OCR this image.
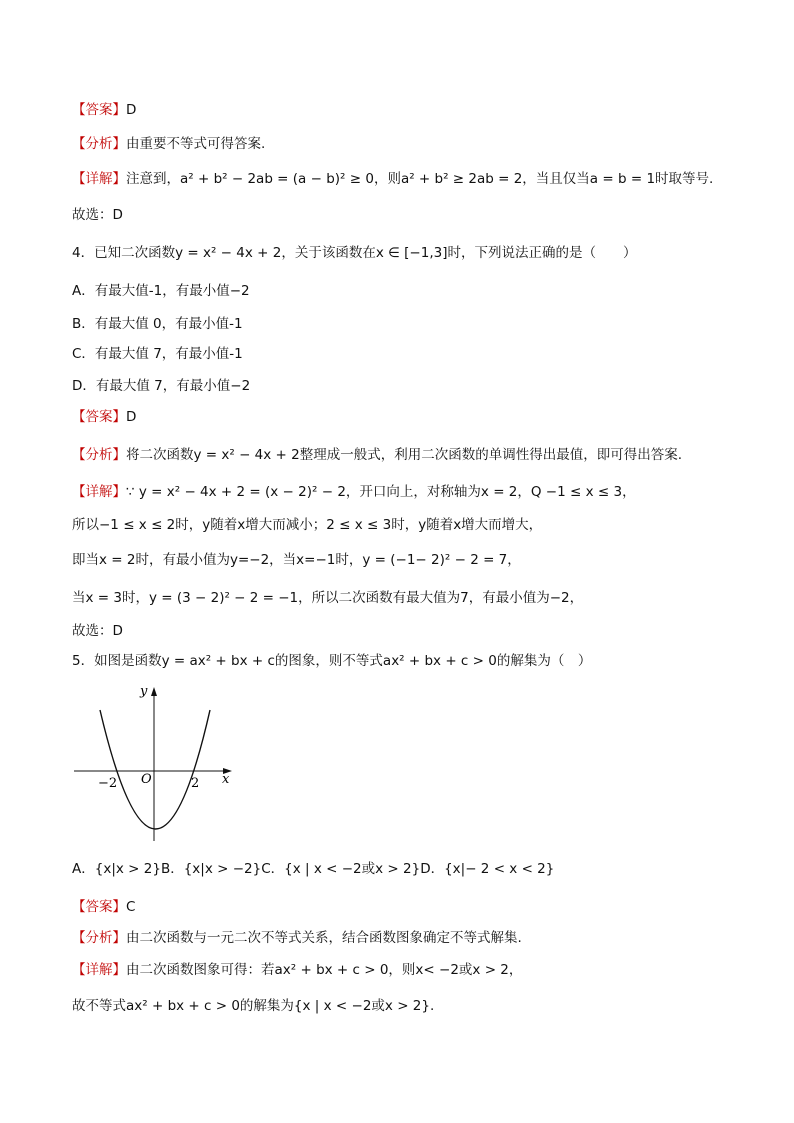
【答案】D
【分析】由重要不等式可得答案.
【详解】注意到，a² + b² − 2ab = (a − b)² ≥ 0，则a² + b² ≥ 2ab = 2，当且仅当a = b = 1时取等号.
故选：D
4．已知二次函数y = x² − 4x + 2，关于该函数在x ∈ [−1,3]时，下列说法正确的是（　　）
A．有最大值-1，有最小值−2
B．有最大值 0，有最小值-1
C．有最大值 7，有最小值-1
D．有最大值 7，有最小值−2
【答案】D
【分析】将二次函数y = x² − 4x + 2整理成一般式，利用二次函数的单调性得出最值，即可得出答案.
【详解】∵ y = x² − 4x + 2 = (x − 2)² − 2，开口向上，对称轴为x = 2，Q −1 ≤ x ≤ 3，
所以−1 ≤ x ≤ 2时，y随着x增大而减小；2 ≤ x ≤ 3时，y随着x增大而增大，
即当x = 2时，有最小值为y=−2，当x=−1时，y = (−1− 2)² − 2 = 7，
当x = 3时，y = (3 − 2)² − 2 = −1，所以二次函数有最大值为7，有最小值为−2，
故选：D
5．如图是函数y = ax² + bx + c的图象，则不等式ax² + bx + c > 0的解集为（　）
y
x
O
−2	2
A．{x|x > 2}B．{x|x > −2}C．{x | x < −2或x > 2}D．{x|− 2 < x < 2}
【答案】C
【分析】由二次函数与一元二次不等式关系，结合函数图象确定不等式解集.
【详解】由二次函数图象可得：若ax² + bx + c > 0，则x< −2或x > 2，
故不等式ax² + bx + c > 0的解集为{x | x < −2或x > 2}.
